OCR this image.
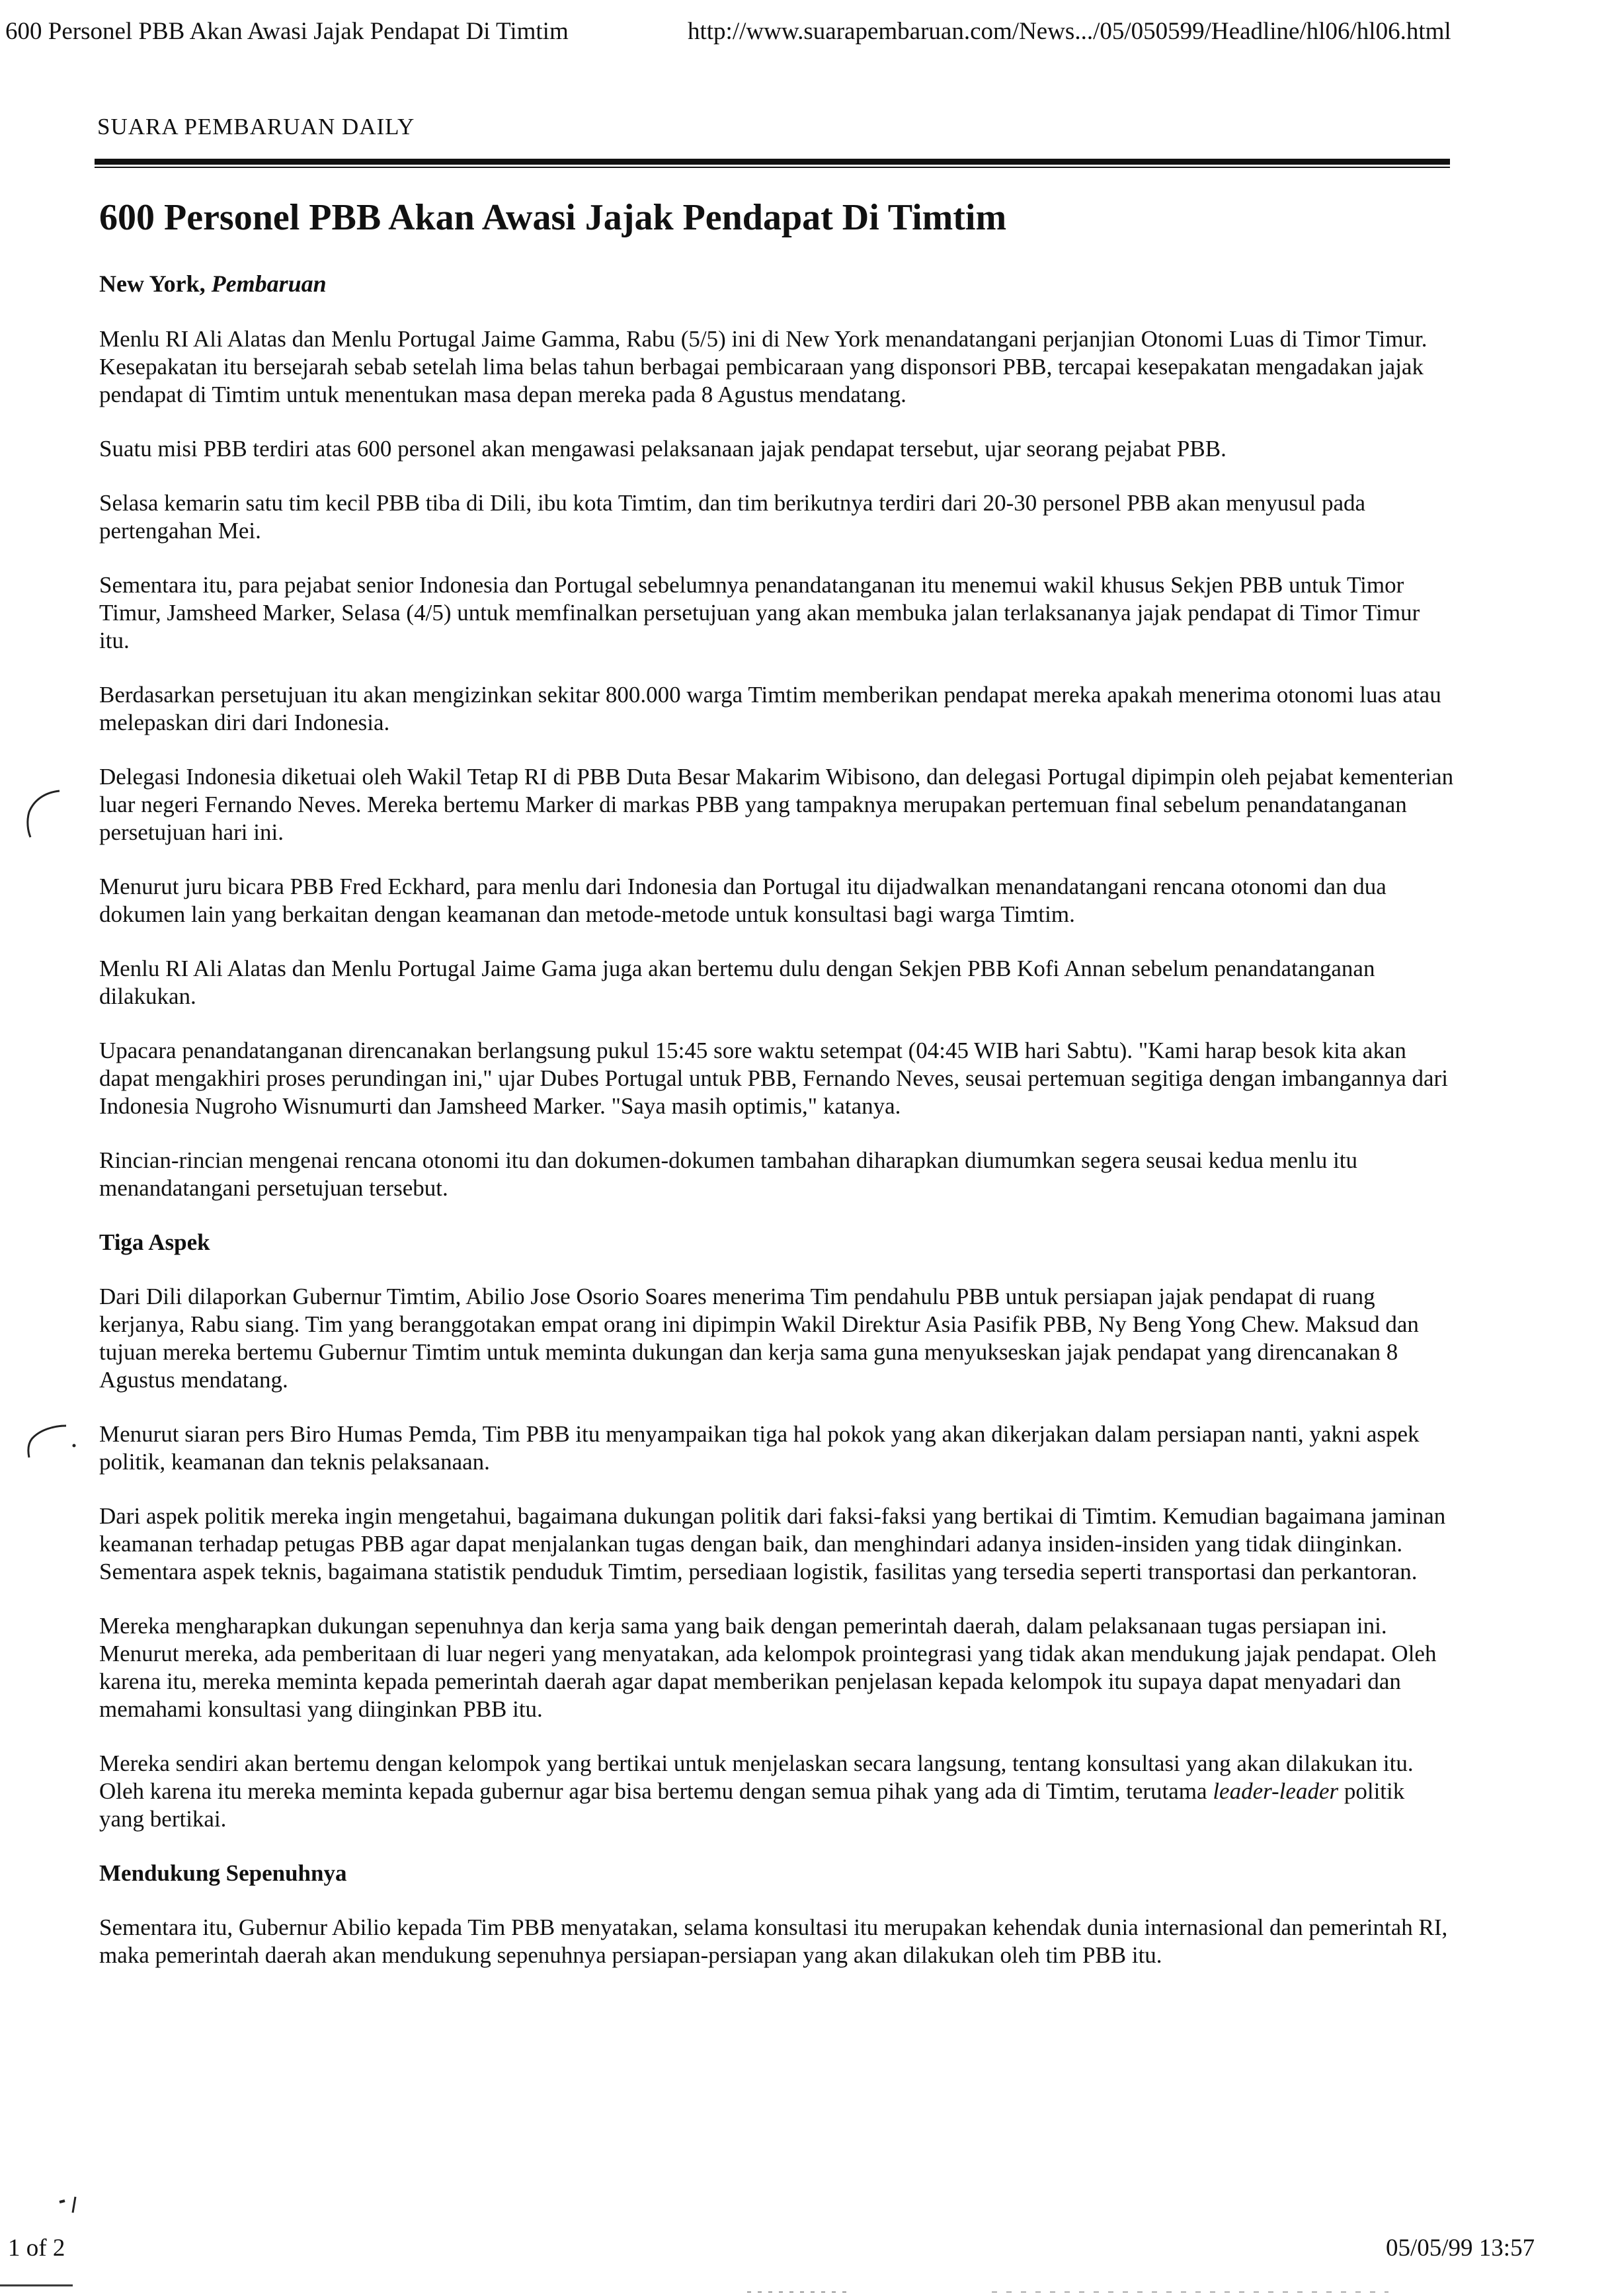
600 Personel PBB Akan Awasi Jajak Pendapat Di Timtim	http://www.suarapembaruan.com/News.../05/050599/Headline/hl06/hl06.html
SUARA PEMBARUAN DAILY
600 Personel PBB Akan Awasi Jajak Pendapat Di Timtim

New York, Pembaruan

Menlu RI Ali Alatas dan Menlu Portugal Jaime Gamma, Rabu (5/5) ini di New York menandatangani perjanjian Otonomi Luas di Timor Timur. Kesepakatan itu bersejarah sebab setelah lima belas tahun berbagai pembicaraan yang disponsori PBB, tercapai kesepakatan mengadakan jajak pendapat di Timtim untuk menentukan masa depan mereka pada 8 Agustus mendatang.

Suatu misi PBB terdiri atas 600 personel akan mengawasi pelaksanaan jajak pendapat tersebut, ujar seorang pejabat PBB.

Selasa kemarin satu tim kecil PBB tiba di Dili, ibu kota Timtim, dan tim berikutnya terdiri dari 20-30 personel PBB akan menyusul pada pertengahan Mei.

Sementara itu, para pejabat senior Indonesia dan Portugal sebelumnya penandatanganan itu menemui wakil khusus Sekjen PBB untuk Timor Timur, Jamsheed Marker, Selasa (4/5) untuk memfinalkan persetujuan yang akan membuka jalan terlaksananya jajak pendapat di Timor Timur itu.

Berdasarkan persetujuan itu akan mengizinkan sekitar 800.000 warga Timtim memberikan pendapat mereka apakah menerima otonomi luas atau melepaskan diri dari Indonesia.

Delegasi Indonesia diketuai oleh Wakil Tetap RI di PBB Duta Besar Makarim Wibisono, dan delegasi Portugal dipimpin oleh pejabat kementerian luar negeri Fernando Neves. Mereka bertemu Marker di markas PBB yang tampaknya merupakan pertemuan final sebelum penandatanganan persetujuan hari ini.

Menurut juru bicara PBB Fred Eckhard, para menlu dari Indonesia dan Portugal itu dijadwalkan menandatangani rencana otonomi dan dua dokumen lain yang berkaitan dengan keamanan dan metode-metode untuk konsultasi bagi warga Timtim.

Menlu RI Ali Alatas dan Menlu Portugal Jaime Gama juga akan bertemu dulu dengan Sekjen PBB Kofi Annan sebelum penandatanganan dilakukan.

Upacara penandatanganan direncanakan berlangsung pukul 15:45 sore waktu setempat (04:45 WIB hari Sabtu). "Kami harap besok kita akan dapat mengakhiri proses perundingan ini," ujar Dubes Portugal untuk PBB, Fernando Neves, seusai pertemuan segitiga dengan imbangannya dari Indonesia Nugroho Wisnumurti dan Jamsheed Marker. "Saya masih optimis," katanya.

Rincian-rincian mengenai rencana otonomi itu dan dokumen-dokumen tambahan diharapkan diumumkan segera seusai kedua menlu itu menandatangani persetujuan tersebut.

Tiga Aspek

Dari Dili dilaporkan Gubernur Timtim, Abilio Jose Osorio Soares menerima Tim pendahulu PBB untuk persiapan jajak pendapat di ruang kerjanya, Rabu siang. Tim yang beranggotakan empat orang ini dipimpin Wakil Direktur Asia Pasifik PBB, Ny Beng Yong Chew. Maksud dan tujuan mereka bertemu Gubernur Timtim untuk meminta dukungan dan kerja sama guna menyukseskan jajak pendapat yang direncanakan 8 Agustus mendatang.

Menurut siaran pers Biro Humas Pemda, Tim PBB itu menyampaikan tiga hal pokok yang akan dikerjakan dalam persiapan nanti, yakni aspek politik, keamanan dan teknis pelaksanaan.

Dari aspek politik mereka ingin mengetahui, bagaimana dukungan politik dari faksi-faksi yang bertikai di Timtim. Kemudian bagaimana jaminan keamanan terhadap petugas PBB agar dapat menjalankan tugas dengan baik, dan menghindari adanya insiden-insiden yang tidak diinginkan. Sementara aspek teknis, bagaimana statistik penduduk Timtim, persediaan logistik, fasilitas yang tersedia seperti transportasi dan perkantoran.

Mereka mengharapkan dukungan sepenuhnya dan kerja sama yang baik dengan pemerintah daerah, dalam pelaksanaan tugas persiapan ini. Menurut mereka, ada pemberitaan di luar negeri yang menyatakan, ada kelompok prointegrasi yang tidak akan mendukung jajak pendapat. Oleh karena itu, mereka meminta kepada pemerintah daerah agar dapat memberikan penjelasan kepada kelompok itu supaya dapat menyadari dan memahami konsultasi yang diinginkan PBB itu.

Mereka sendiri akan bertemu dengan kelompok yang bertikai untuk menjelaskan secara langsung, tentang konsultasi yang akan dilakukan itu. Oleh karena itu mereka meminta kepada gubernur agar bisa bertemu dengan semua pihak yang ada di Timtim, terutama leader-leader politik yang bertikai.

Mendukung Sepenuhnya

Sementara itu, Gubernur Abilio kepada Tim PBB menyatakan, selama konsultasi itu merupakan kehendak dunia internasional dan pemerintah RI, maka pemerintah daerah akan mendukung sepenuhnya persiapan-persiapan yang akan dilakukan oleh tim PBB itu.

1 of 2	05/05/99 13:57
